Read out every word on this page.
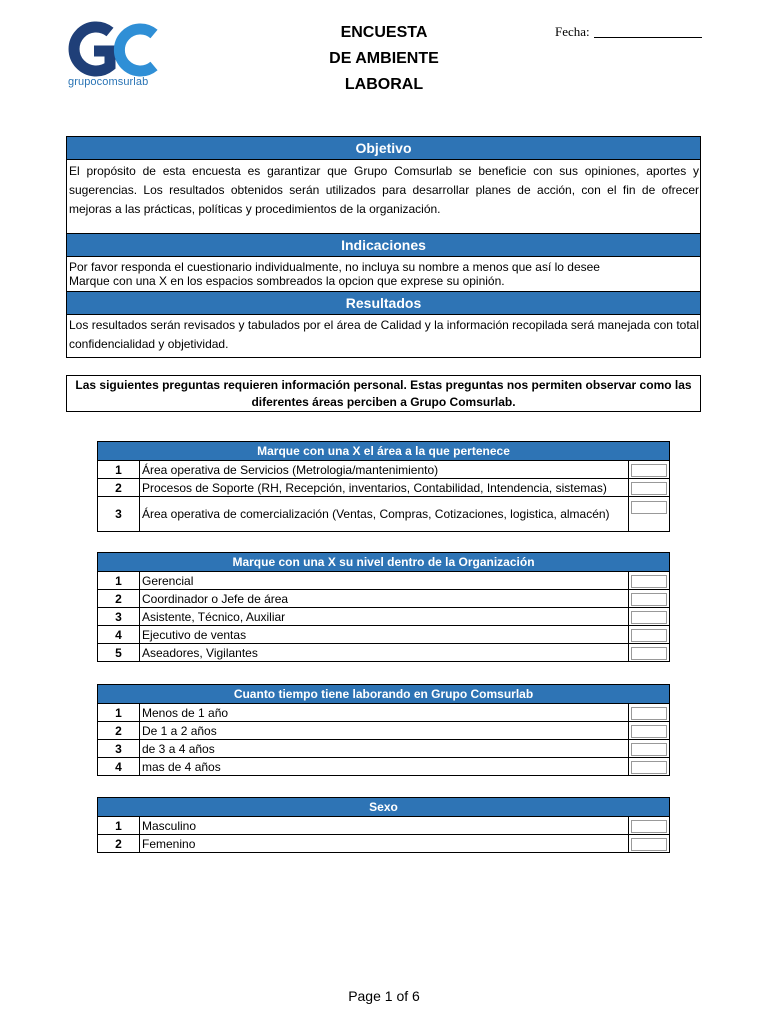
grupocomsurlab
ENCUESTA
DE AMBIENTE
LABORAL
Fecha:
Objetivo
El propósito de esta encuesta es garantizar que Grupo Comsurlab se beneficie con sus opiniones, aportes y sugerencias. Los resultados obtenidos serán utilizados para desarrollar planes de acción, con el fin de ofrecer mejoras a las prácticas, políticas y procedimientos de la organización.
Indicaciones
Por favor responda el cuestionario individualmente, no incluya su nombre a menos que así lo desee
Marque con una X en los espacios sombreados la opcion que exprese su opinión.
Resultados
Los resultados serán revisados y tabulados por el área de Calidad y la información recopilada será manejada con total confidencialidad y objetividad.
Las siguientes preguntas requieren información personal. Estas preguntas nos permiten observar como las diferentes áreas perciben a Grupo Comsurlab.
Marque con una X el área a la que pertenece		
1	Área operativa de Servicios (Metrologia/mantenimiento)	
2	Procesos de Soporte (RH, Recepción, inventarios, Contabilidad, Intendencia, sistemas)	
3	Área operativa de comercialización (Ventas, Compras, Cotizaciones, logistica, almacén)	
Marque con una X su nivel dentro de la Organización		
1	Gerencial	
2	Coordinador o Jefe de área	
3	Asistente, Técnico, Auxiliar	
4	Ejecutivo de ventas	
5	Aseadores, Vigilantes	
Cuanto tiempo tiene laborando en Grupo Comsurlab		
1	Menos de 1 año	
2	De 1 a 2 años	
3	de 3 a 4 años	
4	mas de 4 años	
Sexo		
1	Masculino	
2	Femenino	
Page 1 of 6
